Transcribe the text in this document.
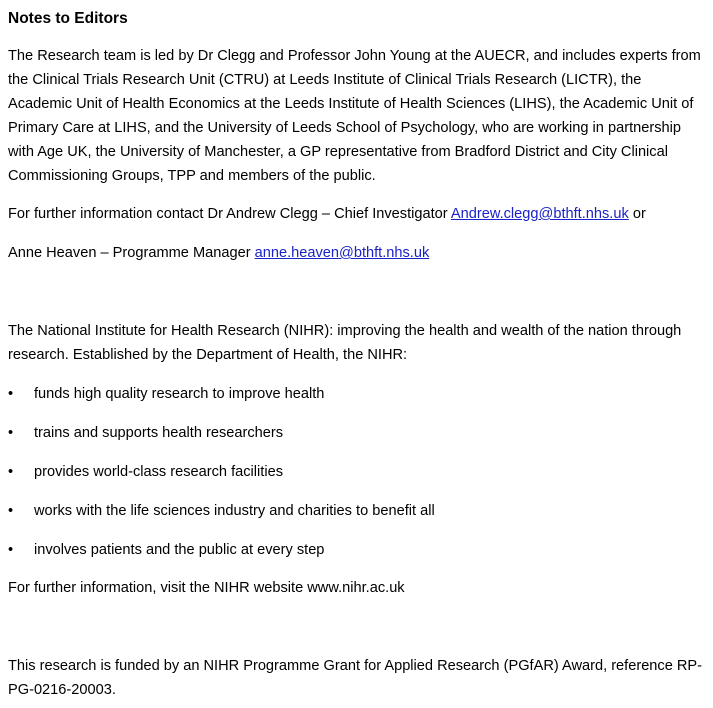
Notes to Editors

The Research team is led by Dr Clegg and Professor John Young at the AUECR, and includes experts from the Clinical Trials Research Unit (CTRU) at Leeds Institute of Clinical Trials Research (LICTR), the Academic Unit of Health Economics at the Leeds Institute of Health Sciences (LIHS), the Academic Unit of Primary Care at LIHS, and the University of Leeds School of Psychology, who are working in partnership with Age UK, the University of Manchester, a GP representative from Bradford District and City Clinical Commissioning Groups, TPP and members of the public.

For further information contact Dr Andrew Clegg – Chief Investigator Andrew.clegg@bthft.nhs.uk or

Anne Heaven – Programme Manager anne.heaven@bthft.nhs.uk

The National Institute for Health Research (NIHR): improving the health and wealth of the nation through research. Established by the Department of Health, the NIHR:

•	funds high quality research to improve health
•	trains and supports health researchers
•	provides world-class research facilities
•	works with the life sciences industry and charities to benefit all
•	involves patients and the public at every step

For further information, visit the NIHR website www.nihr.ac.uk

This research is funded by an NIHR Programme Grant for Applied Research (PGfAR) Award, reference RP-PG-0216-20003.
